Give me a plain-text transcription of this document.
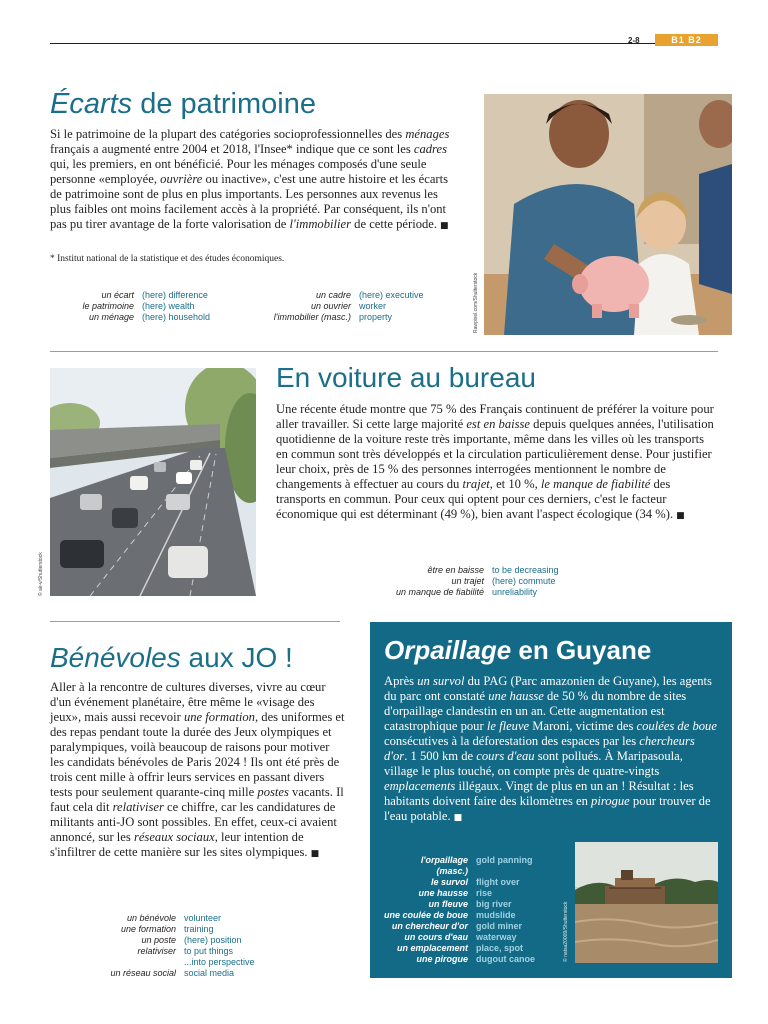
2-8	B1 B2
Écarts de patrimoine
Si le patrimoine de la plupart des catégories socioprofessionnelles des ménages français a augmenté entre 2004 et 2018, l'Insee* indique que ce sont les cadres qui, les premiers, en ont bénéficié. Pour les ménages composés d'une seule personne «employée, ouvrière ou inactive», c'est une autre histoire et les écarts de patrimoine sont de plus en plus importants. Les personnes aux revenus les plus faibles ont moins facilement accès à la propriété. Par conséquent, ils n'ont pas pu tirer avantage de la forte valorisation de l'immobilier de cette période. ■
* Institut national de la statistique et des études économiques.
un écart	(here) difference
le patrimoine	(here) wealth
un ménage	(here) household
un cadre	(here) executive
un ouvrier	worker
l'immobilier (masc.)	property	Rawpixel.com/Shutterstock
© ak-v/Shutterstock
En voiture au bureau
Une récente étude montre que 75 % des Français continuent de préférer la voiture pour aller travailler. Si cette large majorité est en baisse depuis quelques années, l'utilisation quotidienne de la voiture reste très importante, même dans les villes où les transports en commun sont très développés et la circulation particulièrement dense. Pour justifier leur choix, près de 15 % des personnes interrogées mentionnent le nombre de changements à effectuer au cours du trajet, et 10 %, le manque de fiabilité des transports en commun. Pour ceux qui optent pour ces derniers, c'est le facteur économique qui est déterminant (49 %), bien avant l'aspect écologique (34 %). ■
être en baisse	to be decreasing
un trajet	(here) commute
un manque de fiabilité	unreliability
Bénévoles aux JO !
Aller à la rencontre de cultures diverses, vivre au cœur d'un événement planétaire, être même le «visage des jeux», mais aussi recevoir une formation, des uniformes et des repas pendant toute la durée des Jeux olympiques et paralympiques, voilà beaucoup de raisons pour motiver les candidats bénévoles de Paris 2024 ! Ils ont été près de trois cent mille à offrir leurs services en passant divers tests pour seulement quarante-cinq mille postes vacants. Il faut cela dit relativiser ce chiffre, car les candidatures de militants anti-JO sont possibles. En effet, ceux-ci avaient annoncé, sur les réseaux sociaux, leur intention de s'infiltrer de cette manière sur les sites olympiques. ■
un bénévole	volunteer
une formation	training
un poste	(here) position
relativiser	to put things
	...into perspective
un réseau social	social media
Orpaillage en Guyane
Après un survol du PAG (Parc amazonien de Guyane), les agents du parc ont constaté une hausse de 50 % du nombre de sites d'orpaillage clandestin en un an. Cette augmentation est catastrophique pour le fleuve Maroni, victime des coulées de boue consécutives à la déforestation des espaces par les chercheurs d'or. 1 500 km de cours d'eau sont pollués. À Maripasoula, village le plus touché, on compte près de quatre-vingts emplacements illégaux. Vingt de plus en un an ! Résultat : les habitants doivent faire des kilomètres en pirogue pour trouver de l'eau potable. ■
l'orpaillage	gold panning
(masc.)	
le survol	flight over
une hausse	rise
un fleuve	big river
une coulée de boue	mudslide
un chercheur d'or	gold miner
un cours d'eau	waterway
un emplacement	place, spot
une pirogue	dugout canoe	© natsa20009/Shutterstock
